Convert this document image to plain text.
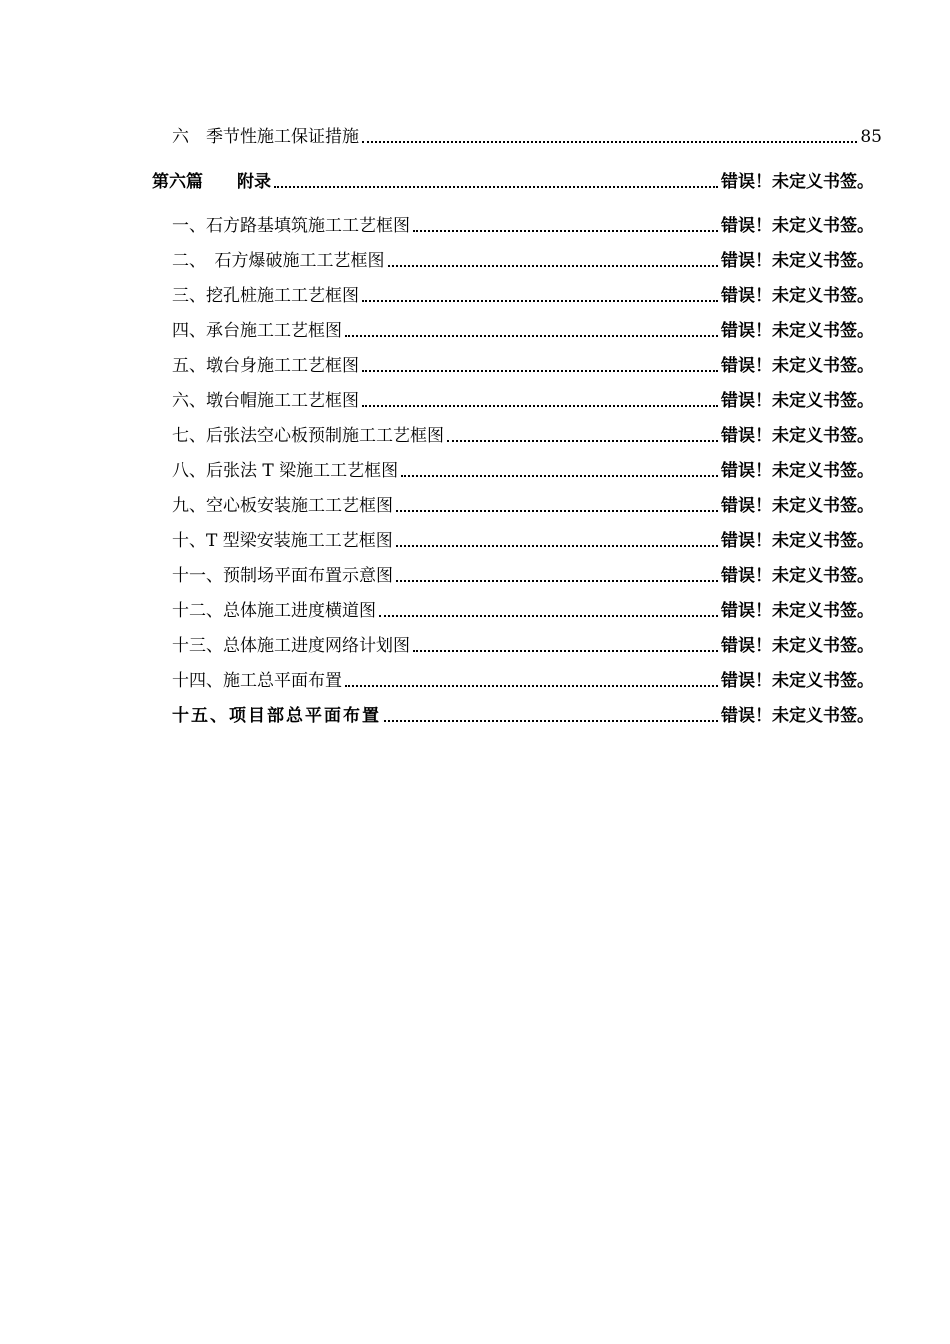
六　季节性施工保证措施	85
第六篇　　附录	错误！未定义书签。
一、石方路基填筑施工工艺框图	错误！未定义书签。
二、　石方爆破施工工艺框图	错误！未定义书签。
三、挖孔桩施工工艺框图	错误！未定义书签。
四、承台施工工艺框图	错误！未定义书签。
五、墩台身施工工艺框图	错误！未定义书签。
六、墩台帽施工工艺框图	错误！未定义书签。
七、后张法空心板预制施工工艺框图	错误！未定义书签。
八、后张法 T 梁施工工艺框图	错误！未定义书签。
九、空心板安装施工工艺框图	错误！未定义书签。
十、T 型梁安装施工工艺框图	错误！未定义书签。
十一、预制场平面布置示意图	错误！未定义书签。
十二、总体施工进度横道图	错误！未定义书签。
十三、总体施工进度网络计划图	错误！未定义书签。
十四、施工总平面布置	错误！未定义书签。
十五、项目部总平面布置	错误！未定义书签。
